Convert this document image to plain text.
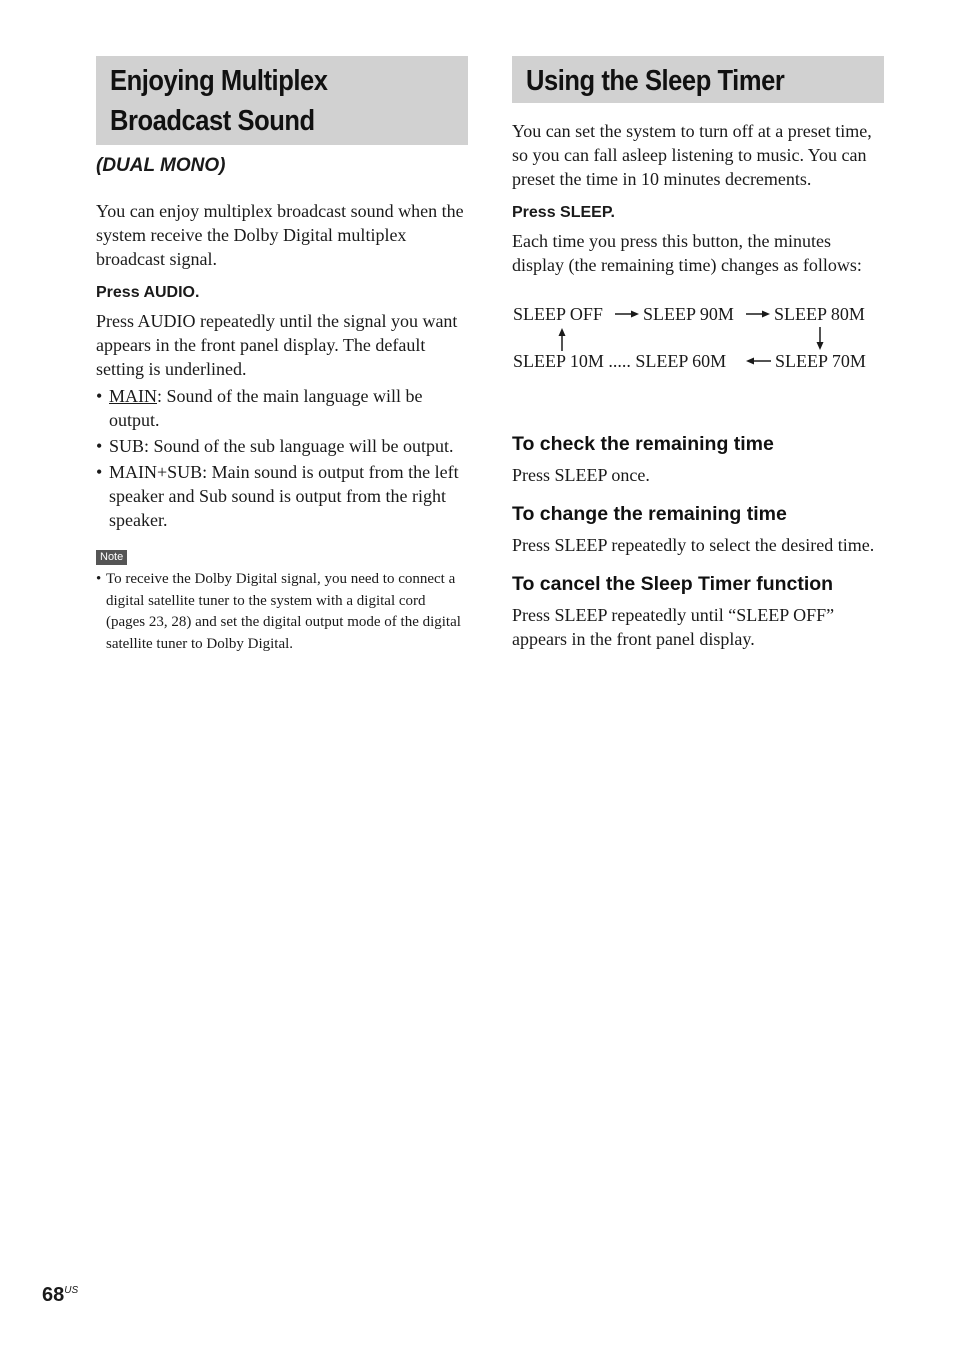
Enjoying Multiplex
Broadcast Sound
(DUAL MONO)

You can enjoy multiplex broadcast sound when the system receive the Dolby Digital multiplex broadcast signal.

Press AUDIO.

Press AUDIO repeatedly until the signal you want appears in the front panel display. The default setting is underlined.

• MAIN: Sound of the main language will be output.
• SUB: Sound of the sub language will be output.
• MAIN+SUB: Main sound is output from the left speaker and Sub sound is output from the right speaker.
Note
• To receive the Dolby Digital signal, you need to connect a digital satellite tuner to the system with a digital cord (pages 23, 28) and set the digital output mode of the digital satellite tuner to Dolby Digital.
Using the Sleep Timer

You can set the system to turn off at a preset time, so you can fall asleep listening to music. You can preset the time in 10 minutes decrements.

Press SLEEP.

Each time you press this button, the minutes display (the remaining time) changes as follows:

SLEEP OFF SLEEP 90M SLEEP 80M
SLEEP 10M ..... SLEEP 60M	SLEEP 70M
To check the remaining time

Press SLEEP once.

To change the remaining time

Press SLEEP repeatedly to select the desired time.

To cancel the Sleep Timer function

Press SLEEP repeatedly until “SLEEP OFF” appears in the front panel display.

$68^{US}$
